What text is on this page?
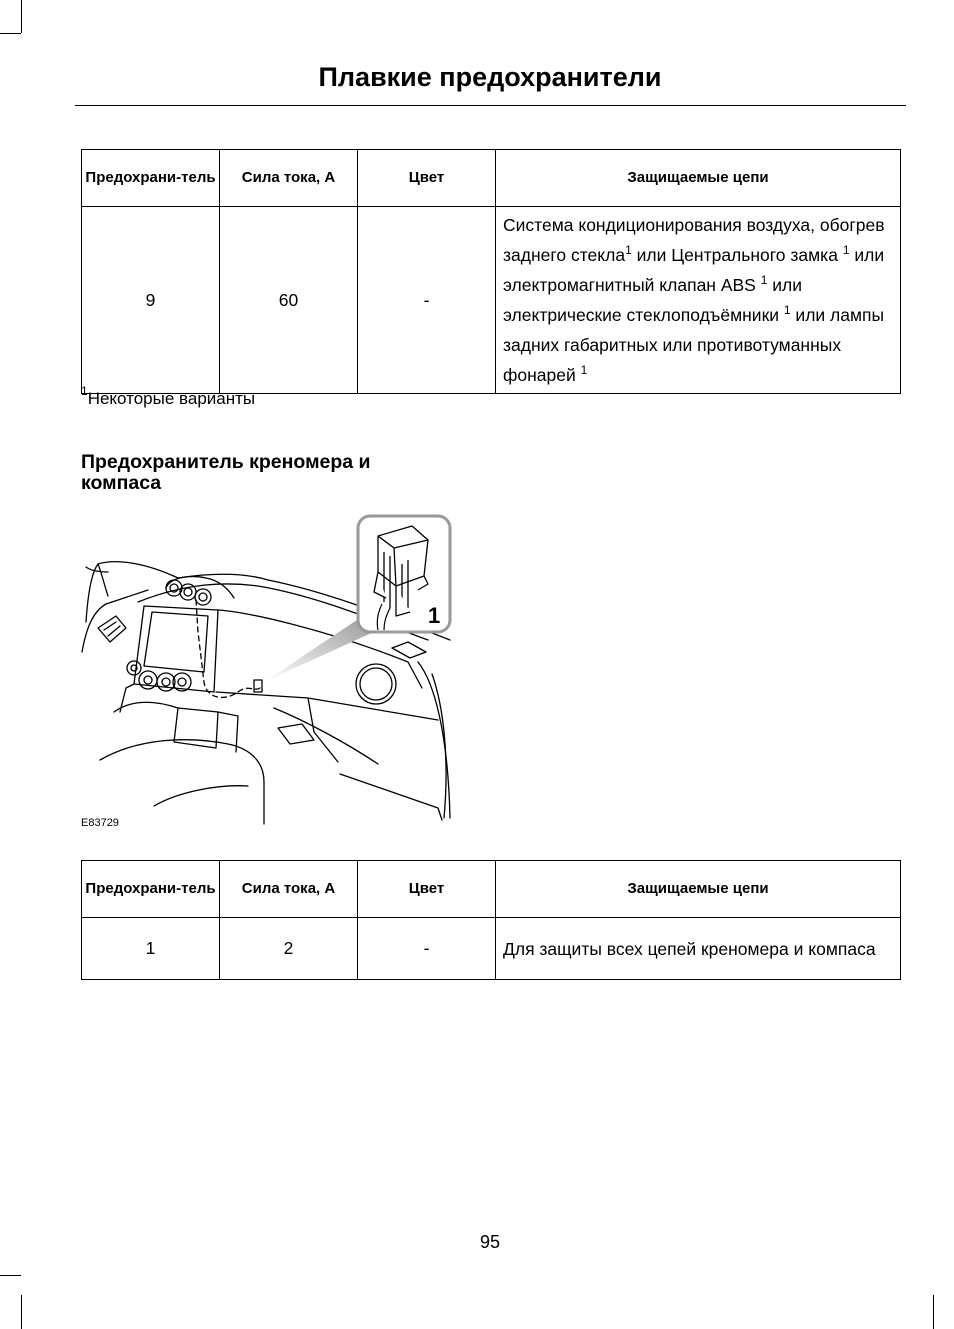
Плавкие предохранители
Предохрани-тель	Сила тока, А	Цвет	Защищаемые цепи
9	60	-	Система кондиционирования воздуха, обогрев заднего стекла$^1$ или Центрального замка $^1$ или электромагнитный клапан ABS $^1$ или электрические стеклоподъёмники $^1$ или лампы задних габаритных или противотуманных фонарей $^1$
$^1$Некоторые варианты
Предохранитель креномера и компаса
1
E83729
Предохрани-тель	Сила тока, А	Цвет	Защищаемые цепи
1	2	-	Для защиты всех цепей креномера и компаса
95
